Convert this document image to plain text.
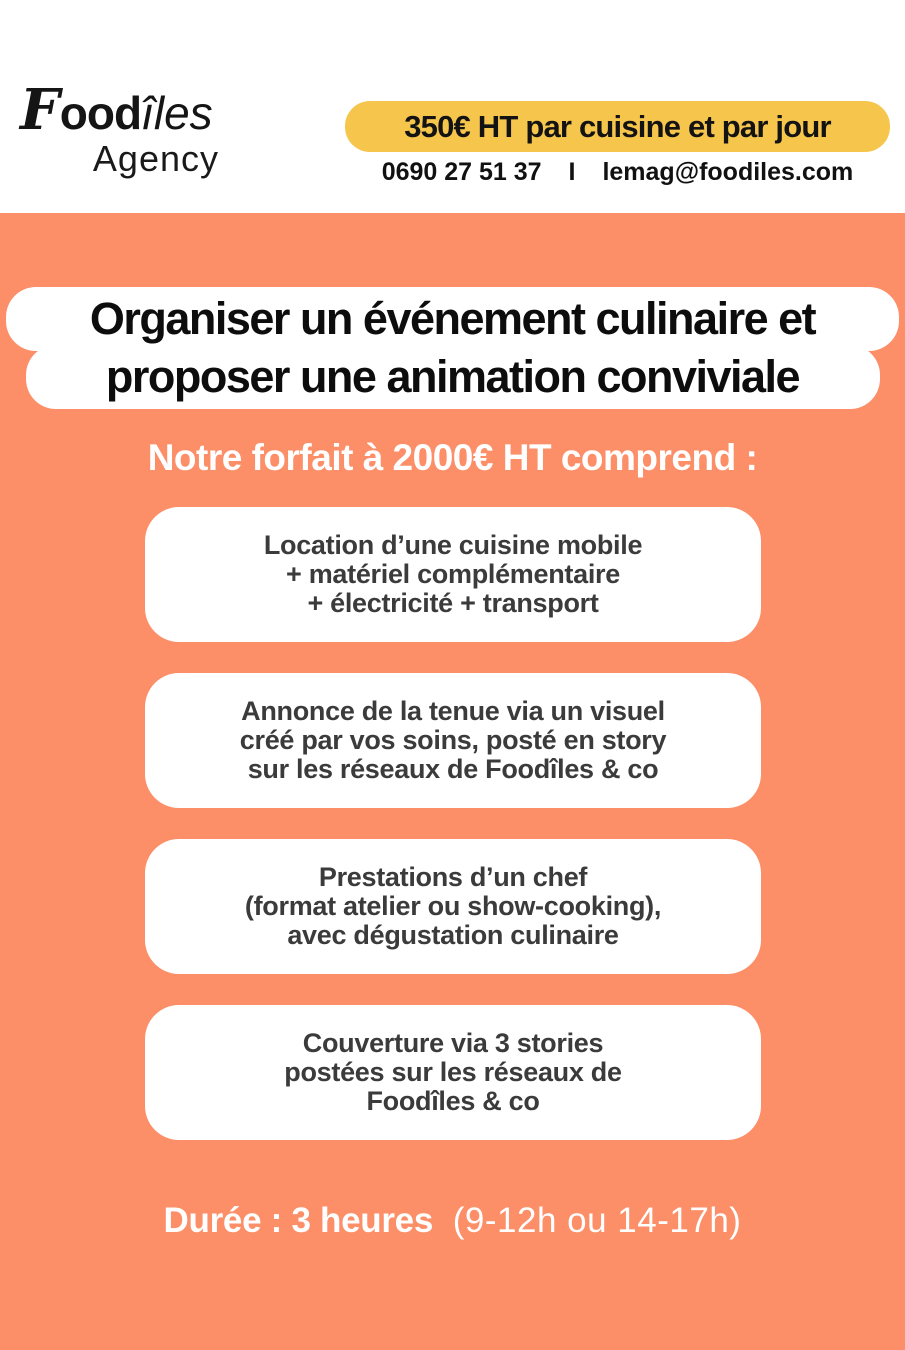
Foodîles
Agency
350€ HT par cuisine et par jour
0690 27 51 37 I lemag@foodiles.com
Organiser un événement culinaire et
proposer une animation conviviale
Notre forfait à 2000€ HT comprend :
Location d’une cuisine mobile
+ matériel complémentaire
+ électricité + transport
Annonce de la tenue via un visuel
créé par vos soins, posté en story
sur les réseaux de Foodîles & co
Prestations d’un chef
(format atelier ou show-cooking),
avec dégustation culinaire
Couverture via 3 stories
postées sur les réseaux de
Foodîles & co
Durée : 3 heures (9-12h ou 14-17h)
